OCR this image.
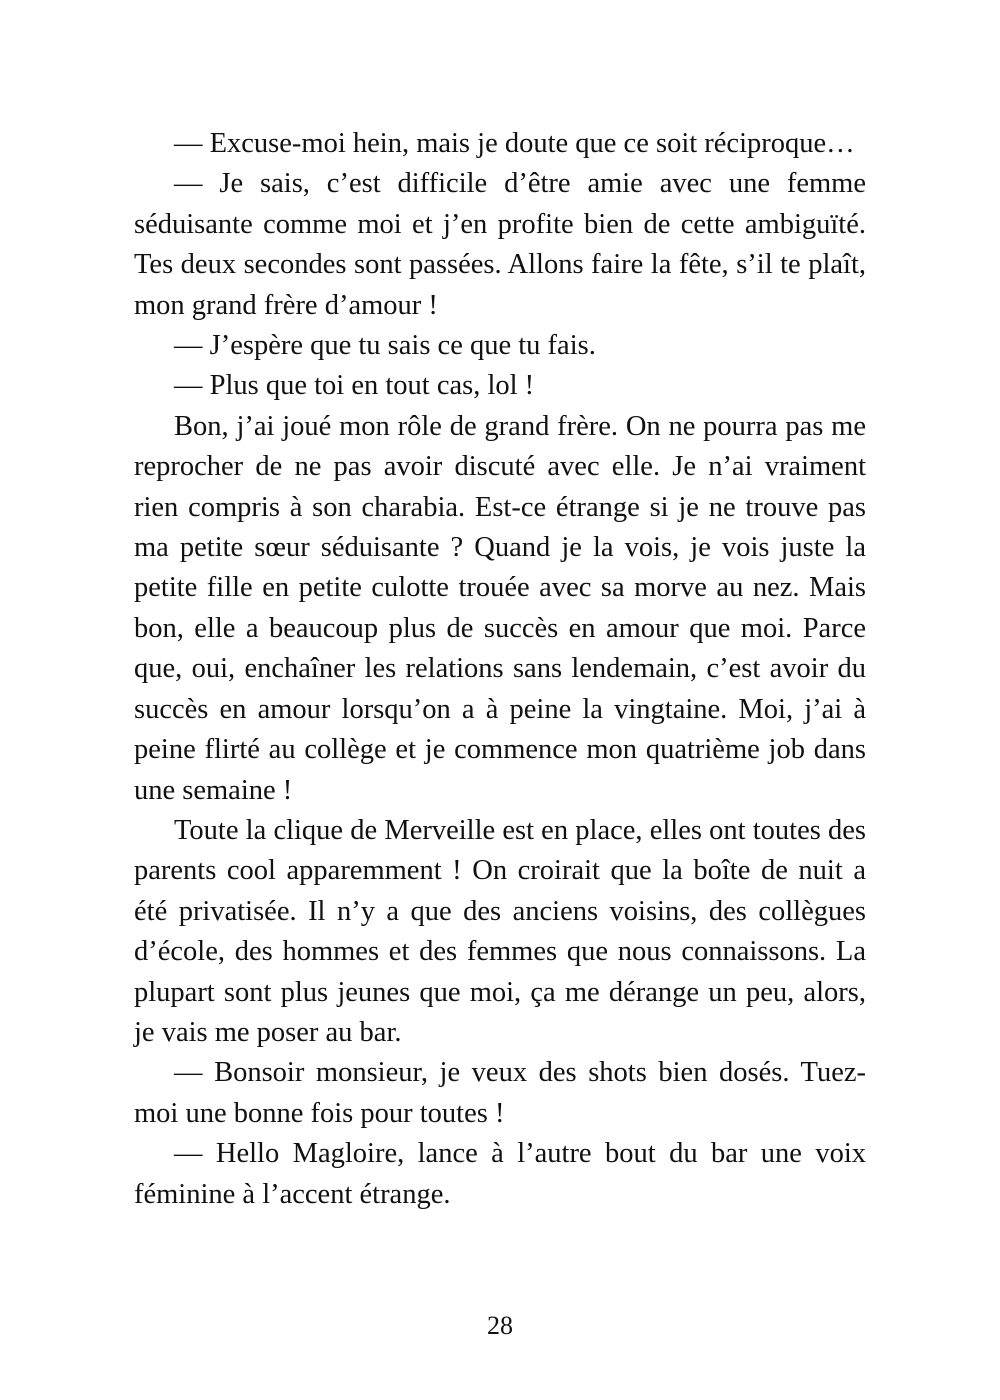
— Excuse-moi hein, mais je doute que ce soit réciproque…

— Je sais, c’est difficile d’être amie avec une femme séduisante comme moi et j’en profite bien de cette ambiguïté. Tes deux secondes sont passées. Allons faire la fête, s’il te plaît, mon grand frère d’amour !

— J’espère que tu sais ce que tu fais.

— Plus que toi en tout cas, lol !

Bon, j’ai joué mon rôle de grand frère. On ne pourra pas me reprocher de ne pas avoir discuté avec elle. Je n’ai vraiment rien compris à son charabia. Est-ce étrange si je ne trouve pas ma petite sœur séduisante ? Quand je la vois, je vois juste la petite fille en petite culotte trouée avec sa morve au nez. Mais bon, elle a beaucoup plus de succès en amour que moi. Parce que, oui, enchaîner les relations sans lendemain, c’est avoir du succès en amour lorsqu’on a à peine la vingtaine. Moi, j’ai à peine flirté au collège et je commence mon quatrième job dans une semaine !

Toute la clique de Merveille est en place, elles ont toutes des parents cool apparemment ! On croirait que la boîte de nuit a été privatisée. Il n’y a que des anciens voisins, des collègues d’école, des hommes et des femmes que nous connaissons. La plupart sont plus jeunes que moi, ça me dérange un peu, alors, je vais me poser au bar.

— Bonsoir monsieur, je veux des shots bien dosés. Tuez-moi une bonne fois pour toutes !

— Hello Magloire, lance à l’autre bout du bar une voix féminine à l’accent étrange.

28
